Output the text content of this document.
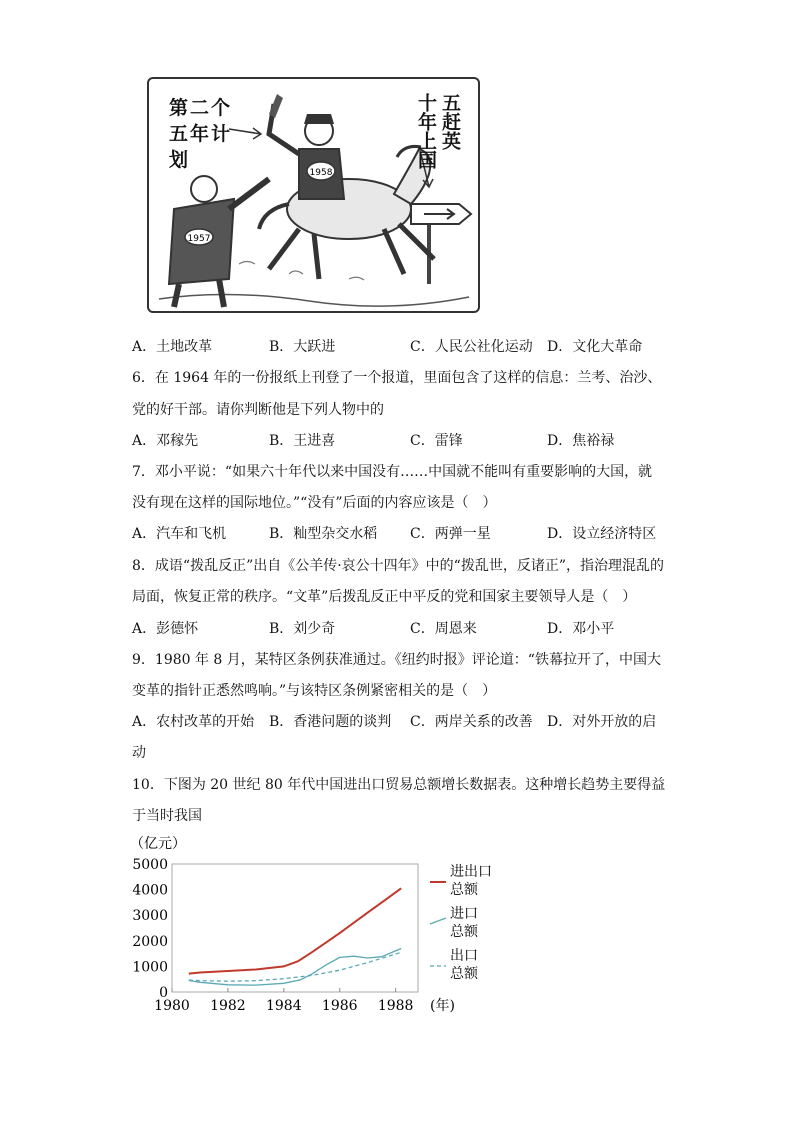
1958
1957
第二个
五年计
划
五赶英
十年上国
A．土地改革	B．大跃进	C．人民公社化运动 D．文化大革命
6．在 1964 年的一份报纸上刊登了一个报道，里面包含了这样的信息：兰考、治沙、
党的好干部。请你判断他是下列人物中的
A．邓稼先	B．王进喜	C．雷锋	D．焦裕禄
7．邓小平说：“如果六十年代以来中国没有……中国就不能叫有重要影响的大国，就
没有现在这样的国际地位。”“没有”后面的内容应该是（　）
A．汽车和飞机	B．籼型杂交水稻 C．两弹一星	D．设立经济特区
8．成语“拨乱反正”出自《公羊传·哀公十四年》中的“拨乱世，反诸正”，指治理混乱的
局面，恢复正常的秩序。“文革”后拨乱反正中平反的党和国家主要领导人是（　）
A．彭德怀	B．刘少奇	C．周恩来	D．邓小平
9．1980 年 8 月，某特区条例获准通过。《纽约时报》评论道：“铁幕拉开了，中国大
变革的指针正悉然鸣响。”与该特区条例紧密相关的是（　）
A．农村改革的开始 B．香港问题的谈判 C．两岸关系的改善 D．对外开放的启
动
10．下图为 20 世纪 80 年代中国进出口贸易总额增长数据表。这种增长趋势主要得益
于当时我国
（亿元）
0
1000
2000
3000
4000
5000
1980 1982 1984 1986 1988
进出口
总额
进口
总额
出口
总额
(年)
